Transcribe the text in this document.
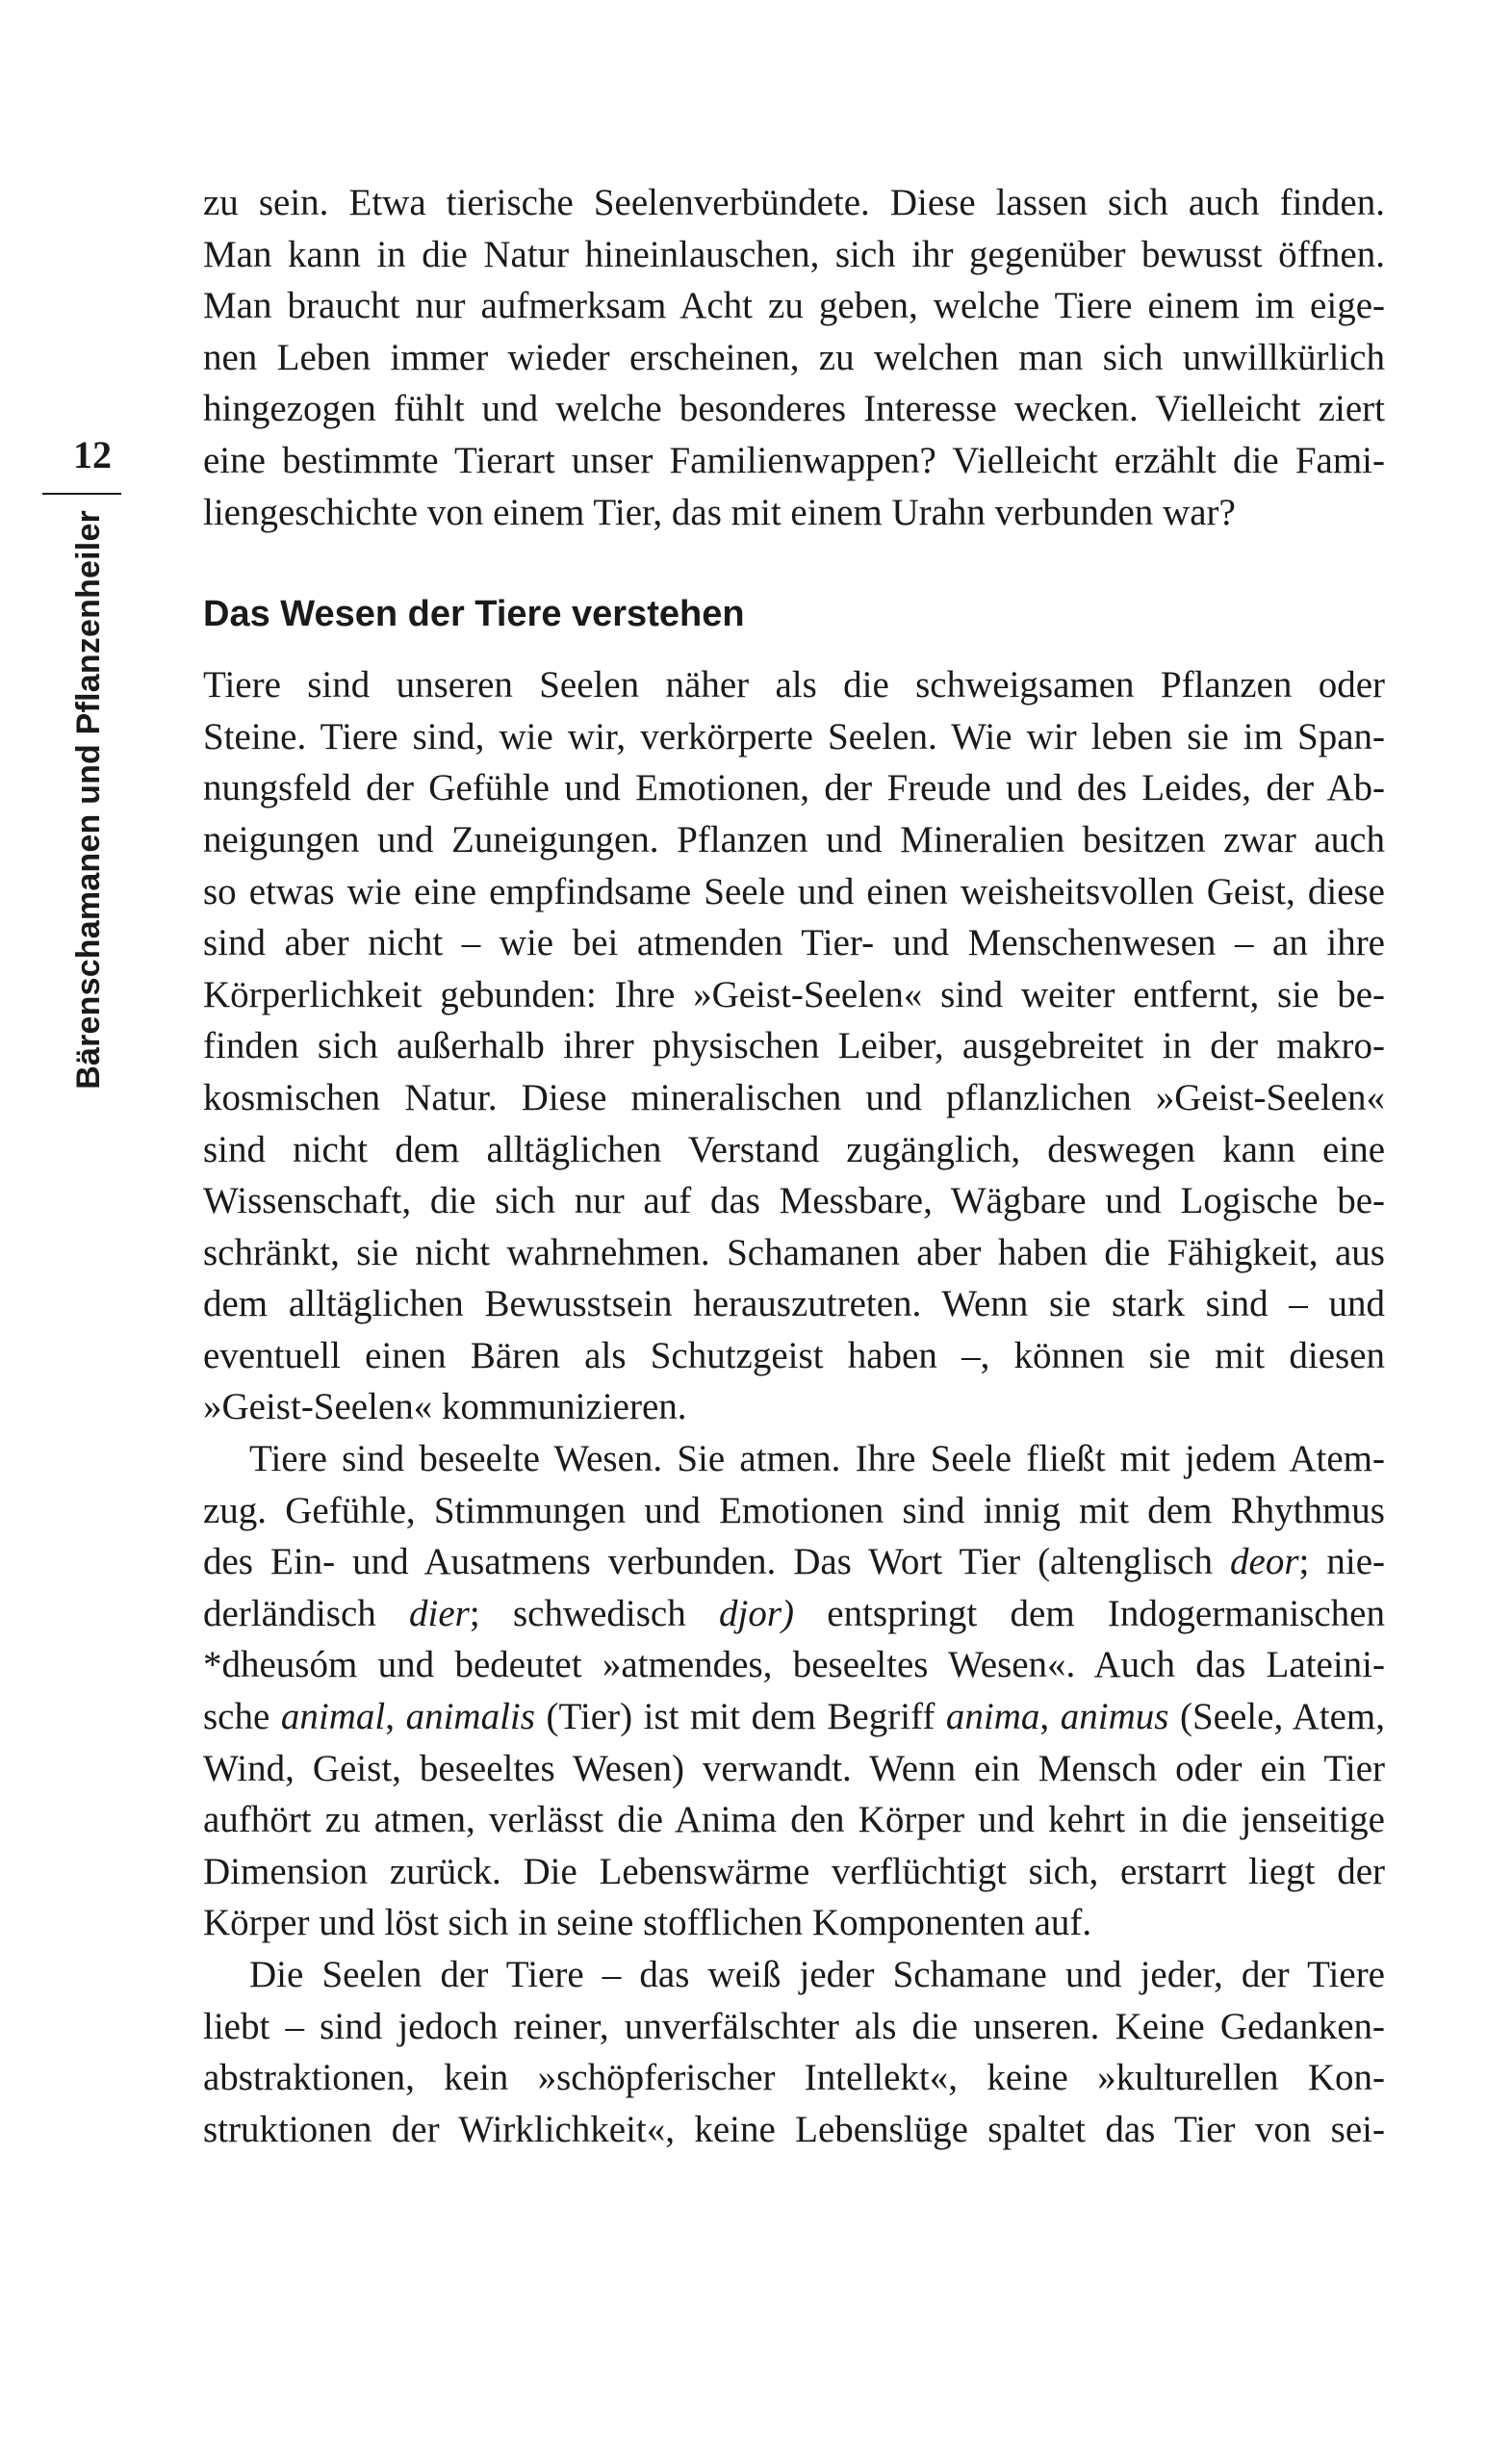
12
Bärenschamanen und Pflanzenheiler
zu sein. Etwa tierische Seelenverbündete. Diese lassen sich auch finden.
Man kann in die Natur hineinlauschen, sich ihr gegenüber bewusst öffnen.
Man braucht nur aufmerksam Acht zu geben, welche Tiere einem im eige-
nen Leben immer wieder erscheinen, zu welchen man sich unwillkürlich
hingezogen fühlt und welche besonderes Interesse wecken. Vielleicht ziert
eine bestimmte Tierart unser Familienwappen? Vielleicht erzählt die Fami-
liengeschichte von einem Tier, das mit einem Urahn verbunden war?
Das Wesen der Tiere verstehen
Tiere sind unseren Seelen näher als die schweigsamen Pflanzen oder
Steine. Tiere sind, wie wir, verkörperte Seelen. Wie wir leben sie im Span-
nungsfeld der Gefühle und Emotionen, der Freude und des Leides, der Ab-
neigungen und Zuneigungen. Pflanzen und Mineralien besitzen zwar auch
so etwas wie eine empfindsame Seele und einen weisheitsvollen Geist, diese
sind aber nicht – wie bei atmenden Tier- und Menschenwesen – an ihre
Körperlichkeit gebunden: Ihre »Geist-Seelen« sind weiter entfernt, sie be-
finden sich außerhalb ihrer physischen Leiber, ausgebreitet in der makro-
kosmischen Natur. Diese mineralischen und pflanzlichen »Geist-Seelen«
sind nicht dem alltäglichen Verstand zugänglich, deswegen kann eine
Wissenschaft, die sich nur auf das Messbare, Wägbare und Logische be-
schränkt, sie nicht wahrnehmen. Schamanen aber haben die Fähigkeit, aus
dem alltäglichen Bewusstsein herauszutreten. Wenn sie stark sind – und
eventuell einen Bären als Schutzgeist haben –, können sie mit diesen
»Geist-Seelen« kommunizieren.
Tiere sind beseelte Wesen. Sie atmen. Ihre Seele fließt mit jedem Atem-
zug. Gefühle, Stimmungen und Emotionen sind innig mit dem Rhythmus
des Ein- und Ausatmens verbunden. Das Wort Tier (altenglisch deor; nie-
derländisch dier; schwedisch djor) entspringt dem Indogermanischen
*dheusóm und bedeutet »atmendes, beseeltes Wesen«. Auch das Lateini-
sche animal, animalis (Tier) ist mit dem Begriff anima, animus (Seele, Atem,
Wind, Geist, beseeltes Wesen) verwandt. Wenn ein Mensch oder ein Tier
aufhört zu atmen, verlässt die Anima den Körper und kehrt in die jenseitige
Dimension zurück. Die Lebenswärme verflüchtigt sich, erstarrt liegt der
Körper und löst sich in seine stofflichen Komponenten auf.
Die Seelen der Tiere – das weiß jeder Schamane und jeder, der Tiere
liebt – sind jedoch reiner, unverfälschter als die unseren. Keine Gedanken-
abstraktionen, kein »schöpferischer Intellekt«, keine »kulturellen Kon-
struktionen der Wirklichkeit«, keine Lebenslüge spaltet das Tier von sei-
